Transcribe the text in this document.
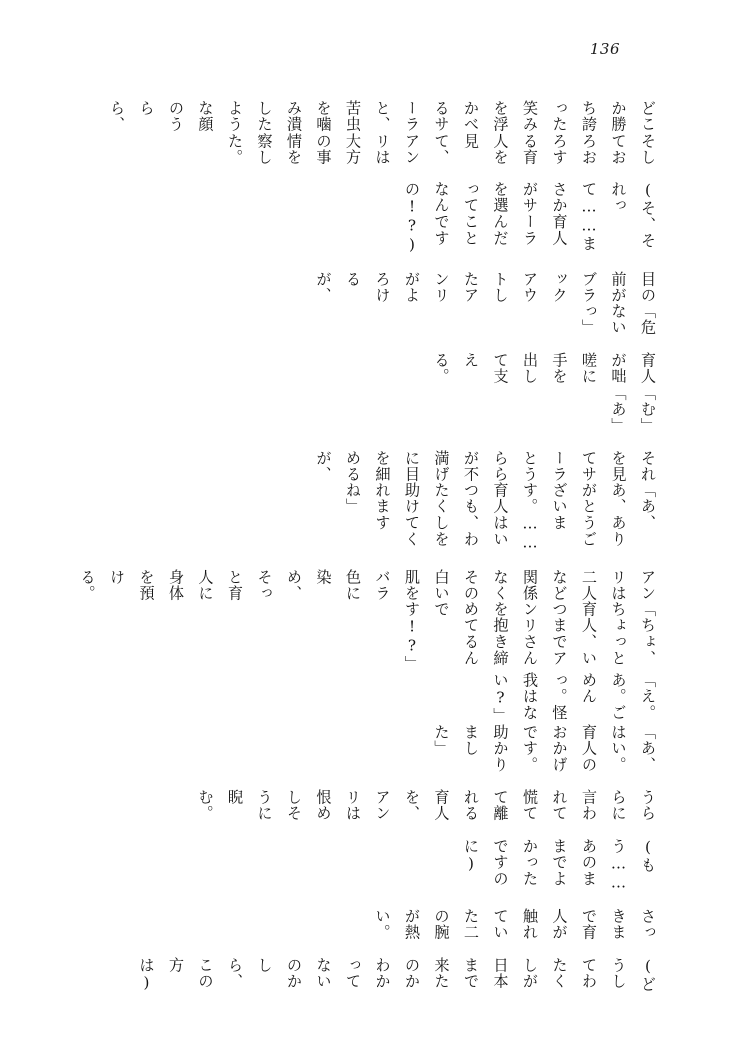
136

どこか勝ち誇った笑みを浮かべるサーラと、苦虫を噛み潰したような顔のうらら、

そしておろおろする育人を見て、アンリは大方の事情を察した。

(そ、それって……まさか育人がサーラを選んだってことなんですの!?)

目の前がブラックアウトしたアンリがよろけるが、

「危ないっ」

育人が咄嗟に手を出して支える。

「む」「あ」

それを見てサーラとうららが不満げに目を細めるが、

「あ、あ、ありがとうございます。……育人はいつも、わたくしを助けてくれますね」

アンリは二人など関係なくその白い肌をバラ色に染め、そっと育人に身体を預ける。

「ちょ、ちょっと育人、いつまでアンリさんを抱き締めてるんです!?」

「え。あ。ごめんっ。怪我はない?」

「あ、はい。育人のおかげです。助かりました」

うららに言われて慌てて離れる育人を、アンリは恨めしそうに睨む。

(もう……あのままでよかったですのに)

さっきまで育人が触れていた二の腕が熱い。

(どうしてわたくしが日本まで来たのかわかってないのかしら、この方は)
